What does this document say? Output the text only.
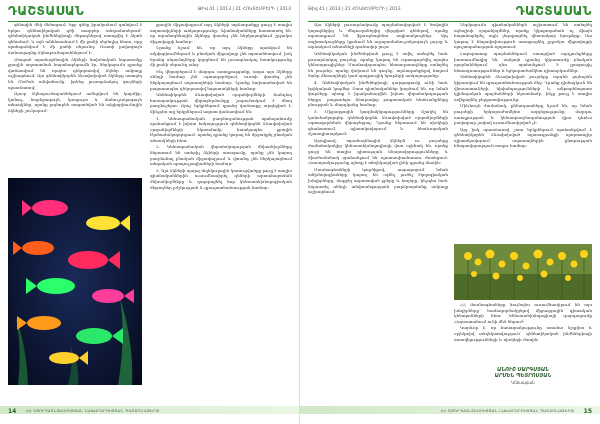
ԴԱՇՏԱՍԱՆ	ԹԻՎ 41 | 2013 | 21 ՀՈԿՏԵՄԲԵՐԻ | 2013

գենային մեկ մեծացում, երբ գենը իրականում գտնվում է երկու գենետիկական գծի տարբեր տեղամասերում՝ գենետիկական ինժեներիայի մեթոդներով ստացվել է ձկան գենոմում, և այն անհետանում է մի քանի սերնդից հետո, որը պահպանվում է մի քանի սերունդ։ Ուստի լավագույն ճանապարհը ձկնաբուծարաններում է։

Չնայած տրանսգենային ձկների նախնական նպատակը ջրային աղտոտման հայտնաբերումն էր, ներկայումս դրանք վաճառվում են որպես դեկորատիվ ձկներ ամբողջ աշխարհում։ Այս գենետիկորեն ձևափոխված ձկները ստացել են GloFish անվանումը՝ իրենց լուսարձակող գույների պատճառով։

Այսօր ձկնաբուծարաններում աճեցվում են կարմիր, կանաչ, նարնջագույն, կապույտ և մանուշակագույն տեսակներ, որոնք լայնորեն տարածված են ակվարիումային ձկների շուկայում։

ջրային միջավայրում այդ ձկների արձագանքը ցույց է տալիս աղտոտիչների առկայությունը։ Գիտնականները հաստատել են, որ տրանսգենային ձկները վտանգ չեն ներկայացնում շրջակա միջավայրի համար։

Նրանք նշում են, որ այդ ձկները պահվում են ակվարիումներում և բնական միջավայր չեն արտանետվում, իսկ նրանց սերունդները կորցնում են լուսարձակող հատկությունը մի քանի սերունդ անց։

Ինչ վերաբերում է մարդու առողջությանը, ապա այս ձկները սննդի համար չեն օգտագործվում, ուստի վտանգ չեն ներկայացնում սպառողների համար։ Դրանք նախատեսված են բացառապես դեկորատիվ նպատակների համար։

Գենետիկորեն ձևափոխված օրգանիզմների հանդեպ հասարակության վերաբերմունքը շարունակում է մնալ բազմաշերտ։ Որոշ երկրներում դրանց վաճառքը արգելված է, մինչդեռ այլ երկրներում ազատ վաճառվում են։

1. Կենսաբանական բազմազանության պահպանումը պահանջում է խիստ հսկողություն գենետիկորեն ձևափոխված օրգանիզմների նկատմամբ, հատկապես ջրային էկոհամակարգերում, որտեղ դրանք կարող են մրցակցել բնական տեսակների հետ։

2. Կենսաբանական վերահսկողության մեխանիզմները ներառում են ստերիլ ձկների ստացումը, որոնք չեն կարող բազմանալ բնական միջավայրում և վտանգ չեն ներկայացնում տեղական պոպուլյացիաների համար։

3. Այս ձկների պարզ մոլեկուլային կառուցվածքը թույլ է տալիս գիտնականներին ուսումնասիրել գեների արտահայտման մեխանիզմները և զարգացնել նոր կենսատեխնոլոգիական մեթոդներ բժշկության և գյուղատնտեսության համար։

14	ՀՀ ԳՅՈՒՂԱՏՆՏԵՍՈՒԹՅԱՆ ՆԱԽԱՐԱՐՈՒԹՅԱՆ ՊԱՇՏՈՆԱԹԵՐԹ
Թիվ 41 | 2013 | 21 ՀՈԿՏԵՄԲԵՐԻ | 2013	ԴԱՇՏԱՍԱՆ

Այս ձկների լուսարձակումը պայմանավորված է ծովային կորալներից և մեդուզաներից վերցված գեներով, որոնք արտադրում են ֆլուորեսցենտ սպիտակուցներ։ Այդ սպիտակուցները կլանում են ուլտրամանուշակագույն լույսը և արձակում տեսանելի գունավոր լույս։

Գենետիկական ինժեներիան թույլ է տվել ստեղծել նաև լուսարձակող բույսեր, որոնք կարող են օգտագործվել որպես կենսացուցիչներ։ Մասնավորապես, հետազոտողները ստեղծել են բույսեր, որոնք փոխում են գույնը՝ արձագանքելով հողում ծանր մետաղների կամ պայթուցիկ նյութերի առկայությանը։

4. Գենետիկական ինժեներիայի զարգացումը ունի նաև էթիկական կողմեր։ Շատ գիտնականներ կարծում են, որ նման փորձերը պետք է իրականացվեն խիստ վերահսկողության ներքո՝ բացառելու հնարավոր բացասական հետևանքները բնության և մարդկանց համար։

5. Միջազգային կազմակերպությունները մշակել են կանոնակարգեր գենետիկորեն ձևափոխված օրգանիզմների օգտագործման վերաբերյալ։ Դրանք ներառում են ռիսկերի գնահատում, պիտակավորում և հետևողական մշտադիտարկում։

Այսպիսով, տրանսգենային ձկներն ու բույսերը ժամանակակից կենսատեխնոլոգիայի վառ օրինակ են, որոնք ցույց են տալիս գիտության հնարավորությունները և միաժամանակ պահանջում են պատասխանատու մոտեցում։ Հասարակությունը պետք է տեղեկացված լինի դրանց մասին։

Մասնագետների կարծիքով, ապագայում նման տեխնոլոգիաները կարող են օգնել լուծել էկոլոգիական խնդիրները, մաքրել աղտոտված ջրերը և հողերը, ինչպես նաև նպաստել սննդի անվտանգության բարձրացմանը ամբողջ աշխարհում։

Ներկայումս գիտնականներն աշխատում են ստեղծել այնպիսի օրգանիզմներ, որոնք կկարողանան ոչ միայն հայտնաբերել, այլև չեզոքացնել վնասակար նյութերը։ Սա կարող է հեղափոխություն առաջացնել շրջակա միջավայրի պաշտպանության ոլորտում։

Լաբորատոր պայմաններում ստացված արդյունքները խոստումնալից են, սակայն դրանց կիրառումը բնական պայմաններում դեռ պահանջում է լրացուցիչ հետազոտություններ և երկարաժամկետ դիտարկումներ։

Գենետիկորեն ձևափոխված բույսերը արդեն լայնորեն կիրառվում են գյուղատնտեսության մեջ։ Դրանք դիմացկուն են վնասատուների, հիվանդությունների և անբարենպաստ կլիմայական պայմանների նկատմամբ, ինչը թույլ է տալիս ավելացնել բերքատվությունը։

Միևնույն ժամանակ, քննադատները նշում են, որ նման բույսերի երկարաժամկետ ազդեցությունը մարդու առողջության և կենսաբազմազանության վրա դեռևս բավարար չափով ուսումնասիրված չէ։

Այդ իսկ պատճառով շատ երկրներում պահանջվում է գենետիկորեն ձևափոխված արտադրանքի պարտադիր պիտակավորում՝ սպառողներին ընտրության հնարավորություն տալու համար։

ՀՀ մասնագետները նույնպես ուսումնասիրում են այս խնդիրները՝ համագործակցելով միջազգային գիտական կենտրոնների հետ։ Կենսատեխնոլոգիայի զարգացումը Հայաստանում ունի մեծ ներուժ։

Կարևոր է, որ հասարակությունը ստանա ճշգրիտ և օբյեկտիվ տեղեկատվություն՝ գենետիկական ինժեներիայի առավելությունների և ռիսկերի մասին։

ԱՆՈՒՇ ՍԱՐԳՍՅԱՆ
ԱՐՄԵՆ ՊԵՏՐՈՍՅԱՆ
Կենսաբան
ՀՀ ԳՅՈՒՂԱՏՆՏԵՍՈՒԹՅԱՆ ՆԱԽԱՐԱՐՈՒԹՅԱՆ ՊԱՇՏՈՆԱԹԵՐԹ 15
